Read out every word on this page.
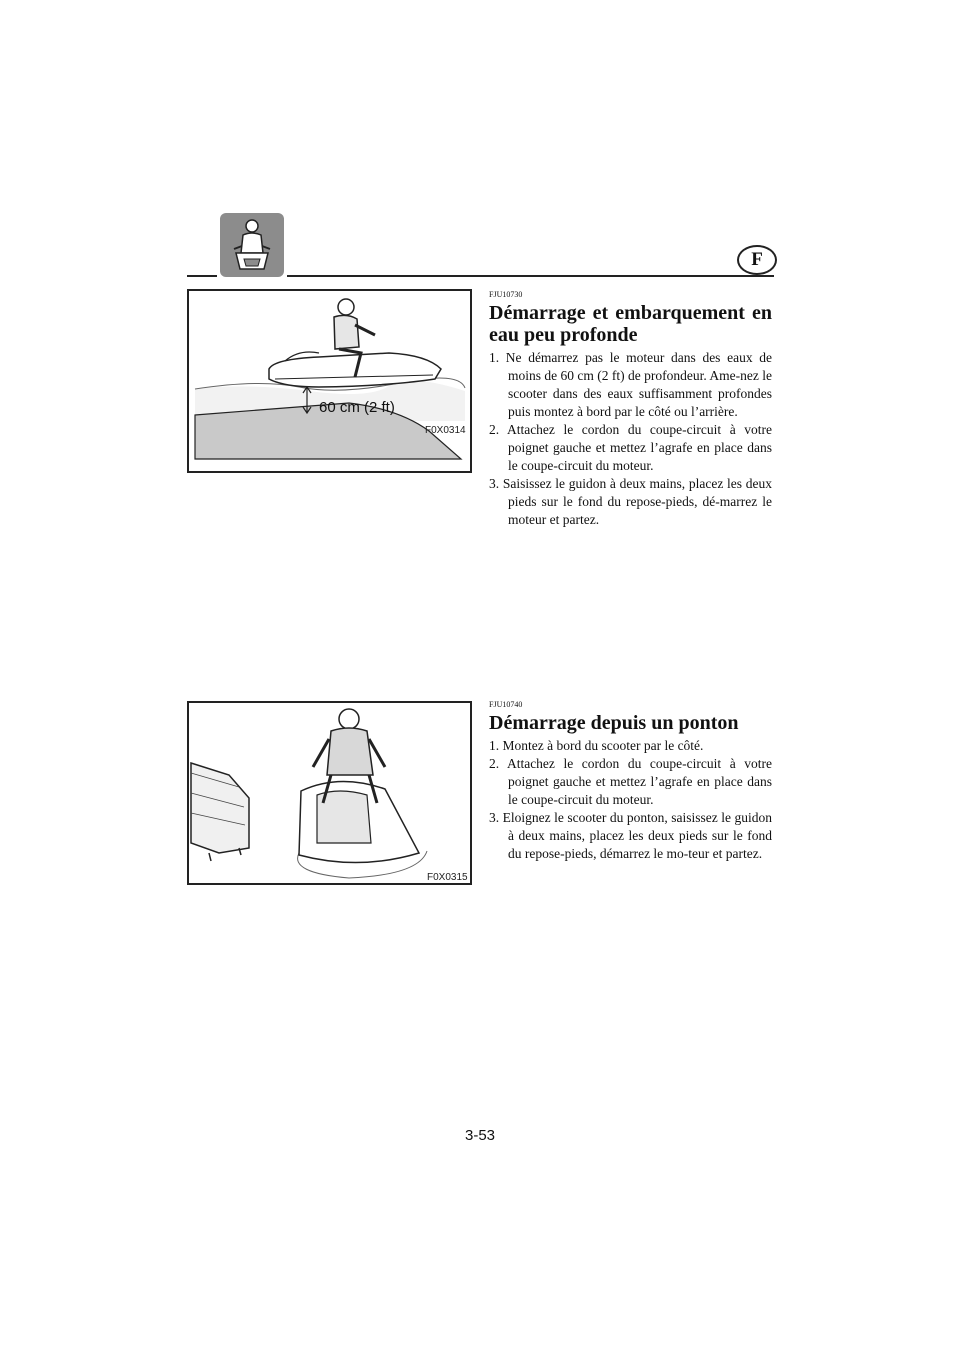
F
60 cm (2 ft)
F0X0314
FJU10730
Démarrage et embarquement en eau peu profonde
1. Ne démarrez pas le moteur dans des eaux de moins de 60 cm (2 ft) de profondeur. Ame-nez le scooter dans des eaux suffisamment profondes puis montez à bord par le côté ou l’arrière.
2. Attachez le cordon du coupe-circuit à votre poignet gauche et mettez l’agrafe en place dans le coupe-circuit du moteur.
3. Saisissez le guidon à deux mains, placez les deux pieds sur le fond du repose-pieds, dé-marrez le moteur et partez.
F0X0315
FJU10740
Démarrage depuis un ponton
1. Montez à bord du scooter par le côté.
2. Attachez le cordon du coupe-circuit à votre poignet gauche et mettez l’agrafe en place dans le coupe-circuit du moteur.
3. Eloignez le scooter du ponton, saisissez le guidon à deux mains, placez les deux pieds sur le fond du repose-pieds, démarrez le mo-teur et partez.
3-53
